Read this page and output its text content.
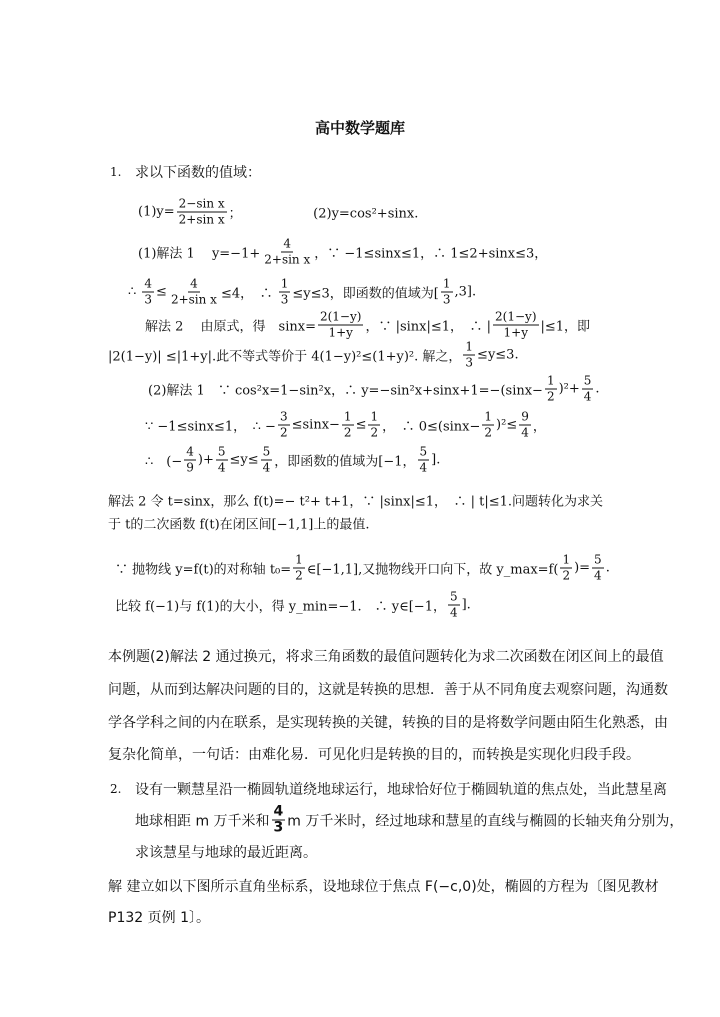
高中数学题库
1. 求以下函数的值域：
$(1)y= \frac{\text{2−sin x}}{\text{2+sin x}}$ ；　　　　　　(2)y=cos²+sinx.
(1)解法 1　 $y=-1+ \frac{4}{\text{2+sin x}}$ ，∵ −1≤sinx≤1，∴ 1≤2+sinx≤3，
∴ $\frac{4}{3} \le \frac{4}{\text{2+sin x}} \le 4$，　∴ $\frac{1}{3} \le y\le 3$，即函数的值域为[ $\frac{1}{3} ,3$].
解法 2　 由原式，得　$\sin x= \frac{2(1-y)}{1+y}$ ，∵ |sinx|≤1，　∴ | $\frac{2(1-y)}{1+y} |\le 1$，即
|2(1−y)| ≤|1+y|.此不等式等价于 4(1−y)²≤(1+y)². 解之， $\frac{1}{3} \le y\le 3$.
(2)解法 1　∵ cos²x=1−sin²x，∴ $y=-\sin^2x+\sin x+1=-(\sin x- \frac{1}{2} )^2+ \frac{5}{4}$ .
∵ −1≤sinx≤1，　∴ − $\frac{3}{2} \le\sin x- \frac{1}{2} \le \frac{1}{2}$ ，　∴ $0\le(\sin x- \frac{1}{2} )^2\le \frac{9}{4}$ ，
∴　(− $\frac{4}{9}$ )+ $\frac{5}{4} \le y\le \frac{5}{4}$ ，即函数的值域为[−1， $\frac{5}{4}$ ].
解法 2 令 t=sinx，那么 f(t)=− t²+ t+1，∵ |sinx|≤1，　∴ | t|≤1.问题转化为求关
于 t的二次函数 f(t)在闭区间[−1,1]上的最值.
∵ 抛物线 y=f(t)的对称轴 $t_0= \frac{1}{2}$ ∈[−1,1],又抛物线开口向下，故 y_max=f( $\frac{1}{2}$ )= $\frac{5}{4}$ .
比较 f(−1)与 f(1)的大小，得 y_min=−1.　∴ y∈[−1， $\frac{5}{4}$ ].
本例题(2)解法 2 通过换元，将求三角函数的最值问题转化为求二次函数在闭区间上的最值
问题，从而到达解决问题的目的，这就是转换的思想．善于从不同角度去观察问题，沟通数
学各学科之间的内在联系，是实现转换的关键，转换的目的是将数学问题由陌生化熟悉，由
复杂化简单，一句话：由难化易．可见化归是转换的目的，而转换是实现化归段手段。
2. 设有一颗慧星沿一椭圆轨道绕地球运行，地球恰好位于椭圆轨道的焦点处，当此慧星离
地球相距 m 万千米和 $\frac{4}{3}$ m 万千米时，经过地球和慧星的直线与椭圆的长轴夹角分别为，
求该慧星与地球的最近距离。
解 建立如以下图所示直角坐标系，设地球位于焦点 F(−c,0)处，椭圆的方程为〔图见教材
P132 页例 1〕。
